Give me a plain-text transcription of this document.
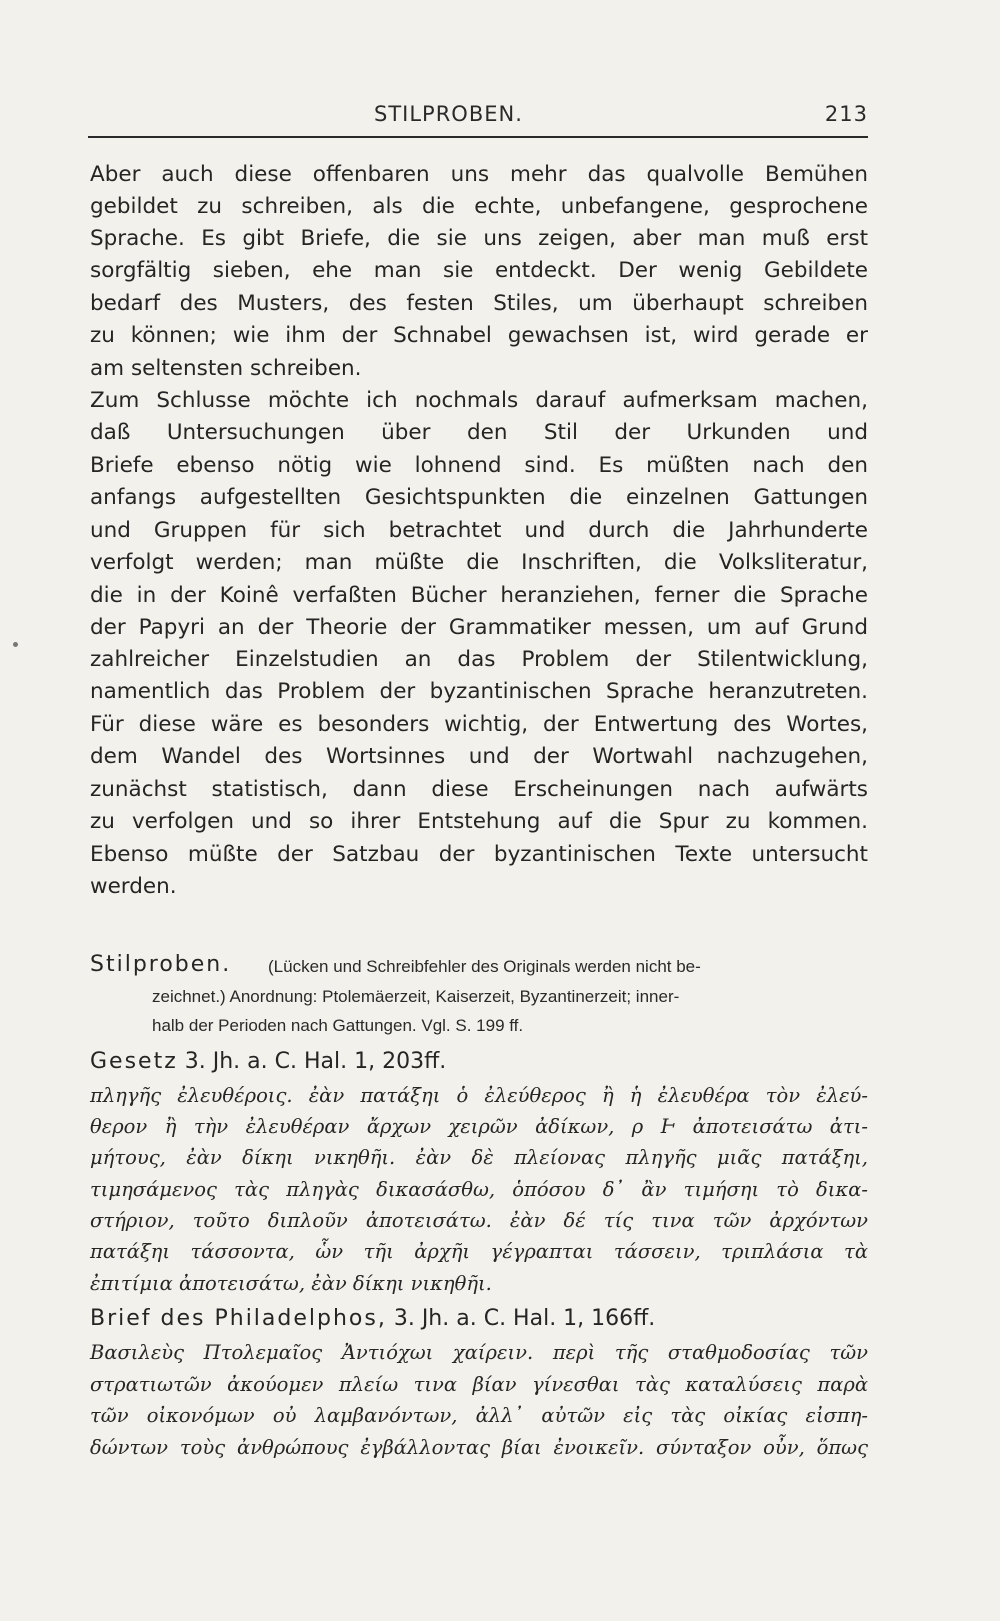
STILPROBEN.	213
Aber auch diese offenbaren uns mehr das qualvolle Bemühen
gebildet zu schreiben, als die echte, unbefangene, gesprochene
Sprache. Es gibt Briefe, die sie uns zeigen, aber man muß erst
sorgfältig sieben, ehe man sie entdeckt. Der wenig Gebildete
bedarf des Musters, des festen Stiles, um überhaupt schreiben
zu können; wie ihm der Schnabel gewachsen ist, wird gerade er
am seltensten schreiben.
Zum Schlusse möchte ich nochmals darauf aufmerksam machen,
daß Untersuchungen über den Stil der Urkunden und
Briefe ebenso nötig wie lohnend sind. Es müßten nach den
anfangs aufgestellten Gesichtspunkten die einzelnen Gattungen
und Gruppen für sich betrachtet und durch die Jahrhunderte
verfolgt werden; man müßte die Inschriften, die Volksliteratur,
die in der Koinê verfaßten Bücher heranziehen, ferner die Sprache
der Papyri an der Theorie der Grammatiker messen, um auf Grund
zahlreicher Einzelstudien an das Problem der Stilentwicklung,
namentlich das Problem der byzantinischen Sprache heranzutreten.
Für diese wäre es besonders wichtig, der Entwertung des Wortes,
dem Wandel des Wortsinnes und der Wortwahl nachzugehen,
zunächst statistisch, dann diese Erscheinungen nach aufwärts
zu verfolgen und so ihrer Entstehung auf die Spur zu kommen.
Ebenso müßte der Satzbau der byzantinischen Texte untersucht
werden.
Stilproben. (Lücken und Schreibfehler des Originals werden nicht be-
zeichnet.) Anordnung: Ptolemäerzeit, Kaiserzeit, Byzantinerzeit; inner-
halb der Perioden nach Gattungen. Vgl. S. 199 ff.
Gesetz 3. Jh. a. C. Hal. 1, 203ff.
πληγῆς ἐλευθέροις. ἐὰν πατάξηι ὁ ἐλεύθερος ἢ ἡ ἐλευθέρα τὸν ἐλεύ-
θερον ἢ τὴν ἐλευθέραν ἄρχων χειρῶν ἀδίκων, ρ Ͱ ἀποτεισάτω ἀτι-
μήτους, ἐὰν δίκηι νικηθῆι. ἐὰν δὲ πλείονας πληγῆς μιᾶς πατάξηι,
τιμησάμενος τὰς πληγὰς δικασάσθω, ὁπόσου δ᾽ ἂν τιμήσηι τὸ δικα-
στήριον, τοῦτο διπλοῦν ἀποτεισάτω. ἐὰν δέ τίς τινα τῶν ἀρχόντων
πατάξηι τάσσοντα, ὧν τῆι ἀρχῆι γέγραπται τάσσειν, τριπλάσια τὰ
ἐπιτίμια ἀποτεισάτω, ἐὰν δίκηι νικηθῆι.
Brief des Philadelphos, 3. Jh. a. C. Hal. 1, 166ff.
Βασιλεὺς Πτολεμαῖος Ἀντιόχωι χαίρειν. περὶ τῆς σταθμοδοσίας τῶν
στρατιωτῶν ἀκούομεν πλείω τινα βίαν γίνεσθαι τὰς καταλύσεις παρὰ
τῶν οἰκονόμων οὐ λαμβανόντων, ἀλλ᾽ αὐτῶν εἰς τὰς οἰκίας εἰσπη-
δώντων τοὺς ἀνθρώπους ἐγβάλλοντας βίαι ἐνοικεῖν. σύνταξον οὖν, ὅπως
